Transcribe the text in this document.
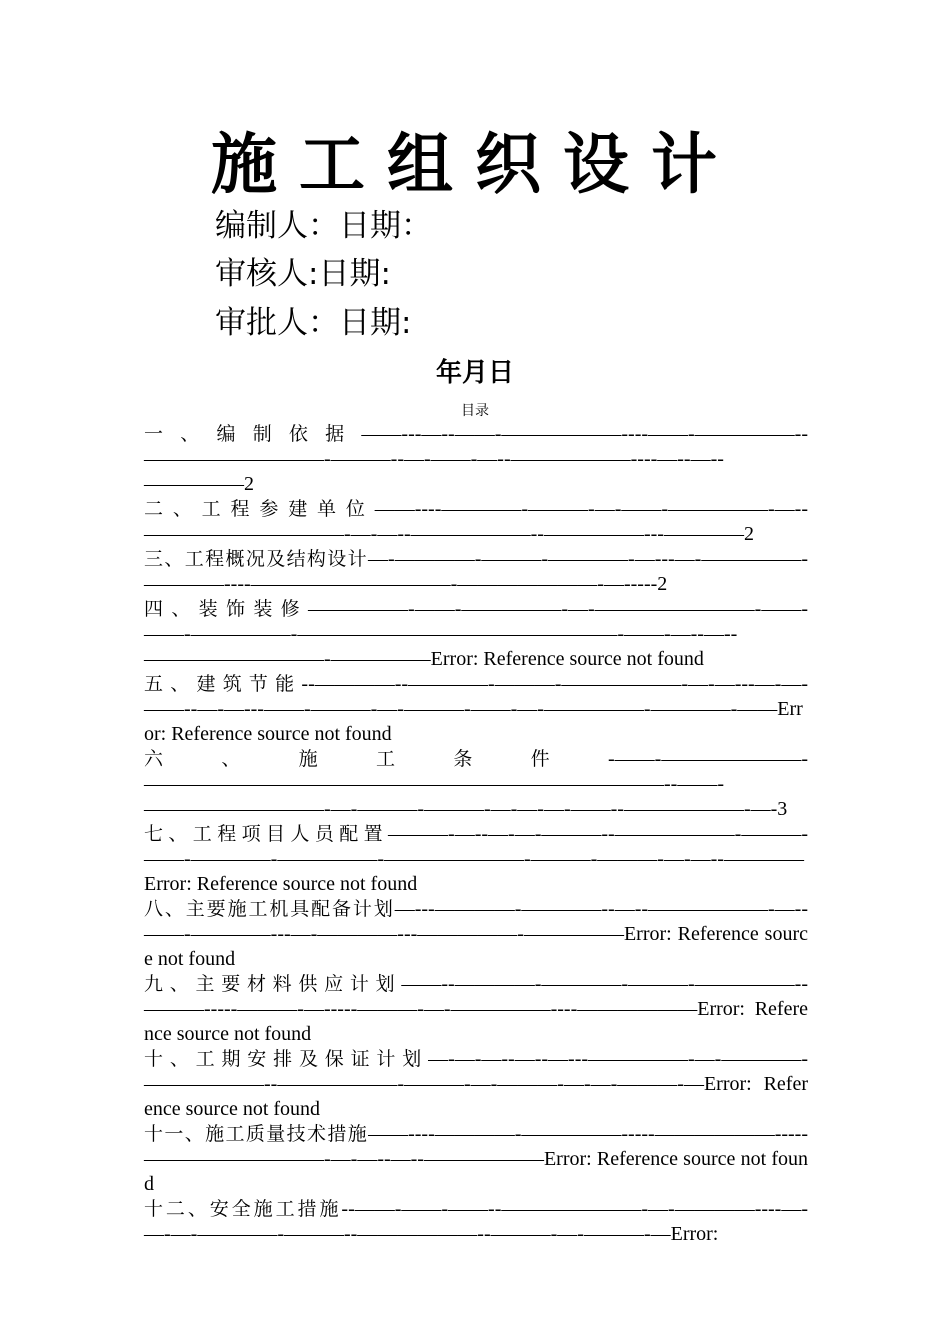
施工组织设计
编制人：日期：
审核人:日期:
审批人：日期:
年月日
目录
一、编制依据——---—--——-——————----——-—————--—————————-———--—-——-—--——————----—--—--—————2
二、工程参建单位——----————-———-—-——-—————-—--——————————-—-—--——————--—————---————2
三、工程概况及结构设计—-————-———-————-—---—-—————-————----——————————-———————-—-----2
四、装饰装修—————-——-—————-—-————————-——-——-—————-————————————————-——-—--—--—————————-—————Error: Reference source not found
五、建筑节能--————--————-———-——————-—-—---—-—-——--—-—---——-———-—-———-——-—-—————-————-——Error: Reference source not found
六、施工条件-——-———————-——————————————————————————--——-—————————-—-———-———-—-—-—-——--——————-—-3
七、工程项目人员配置———-—--—-—-———--——————-———-——-————-—————-———————-———-———-—-—--————Error: Reference source not found
八、主要施工机具配备计划—---————-————--—--——————-—--——-————---—-————---—————-—————Error: Reference source not found
九、主要材料供应计划——--————-————-———-—————--———-----———-—-----———-—-—————----——————Error: Reference source not found
十、工期安排及保证计划—-—-—--—--—---—————-—-————-——————--——————-———-—-———-—-—-———-—Error: Reference source not found
十一、施工质量技术措施——----————-—————-----——————-----—————————-—-—--—--——————Error: Reference source not found
十二、安全施工措施--——-——-——--———————-—-————----—-—-—-————-———--——————--———-—-———-—Error:
